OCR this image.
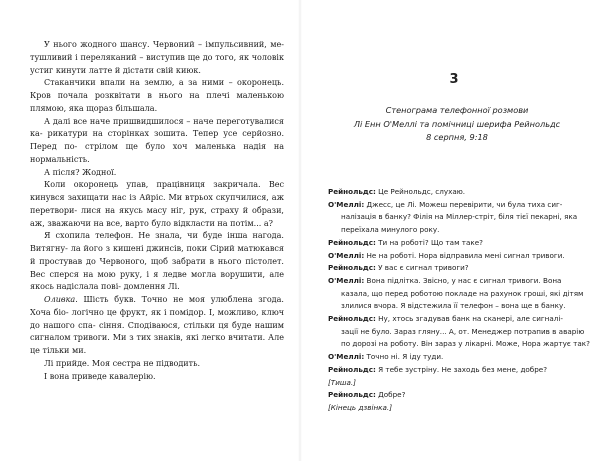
У нього жодного шансу. Червоний – імпульсивний, ме- тушливий і переляканий – виступив ще до того, як чоловік устиг кинути латте й дістати свій киюк.

Стаканчики впали на землю, а за ними – окоронець. Кров почала розквітати в нього на плечі маленькою плямою, яка щораз більшала.

А далі все наче пришвидшилося – наче переготувалися ка- рикатури на сторінках зошита. Тепер усе серйозно. Перед по- стрілом ще було хоч маленька надія на нормальність.

А після? Жодної.

Коли окоронець упав, працівниця закричала. Вес кинувся захищати нас із Айріс. Ми втрьох скупчилися, аж перетвори- лися на якусь масу ніг, рук, страху й образи, аж, зважаючи на все, варто було відкласти на потім... а?

Я схопила телефон. Не знала, чи буде інша нагода. Витягну- ла його з кишені джинсів, поки Сірий матюкався й простував до Червоного, щоб забрати в нього пістолет. Вес сперся на мою руку, і я ледве могла ворушити, але якось надіслала пові- домлення Лі.

Оливка. Шість букв. Точно не моя улюблена згода. Хоча біо- логічно це фрукт, як і помідор. І, можливо, ключ до нашого спа- сіння. Сподіваюся, стільки ця буде нашим сигналом тривоги. Ми з тих знаків, які легко вчитати. Але це тільки ми.

Лі прийде. Моя сестра не підводить.

І вона приведе кавалерію.

3
Стенограма телефонної розмови
Лі Енн О'Меллі та помічниці шерифа Рейнольдс
8 серпня, 9:18
Рейнольдс: Це Рейнольдс, слухаю.
О'Меллі: Джесс, це Лі. Можеш перевірити, чи була тиха сиг-
налізація в банку? Філія на Міллер-стріт, біля тієї пекарні, яка
переїхала минулого року.
Рейнольдс: Ти на роботі? Що там таке?
О'Меллі: Не на роботі. Нора відправила мені сигнал тривоги.
Рейнольдс: У вас є сигнал тривоги?
О'Меллі: Вона підлітка. Звісно, у нас є сигнал тривоги. Вона
казала, що перед роботою покладе на рахунок гроші, які дітям
злилися вчора. Я відстежила її телефон – вона ще в банку.
Рейнольдс: Ну, хтось згадував банк на сканері, але сигналі-
зації не було. Зараз гляну... А, от. Менеджер потрапив в аварію
по дорозі на роботу. Він зараз у лікарні. Може, Нора жартує так?
О'Меллі: Точно ні. Я іду туди.
Рейнольдс: Я тебе зустріну. Не заходь без мене, добре?
[Тиша.]
Рейнольдс: Добре?
[Кінець дзвінка.]
